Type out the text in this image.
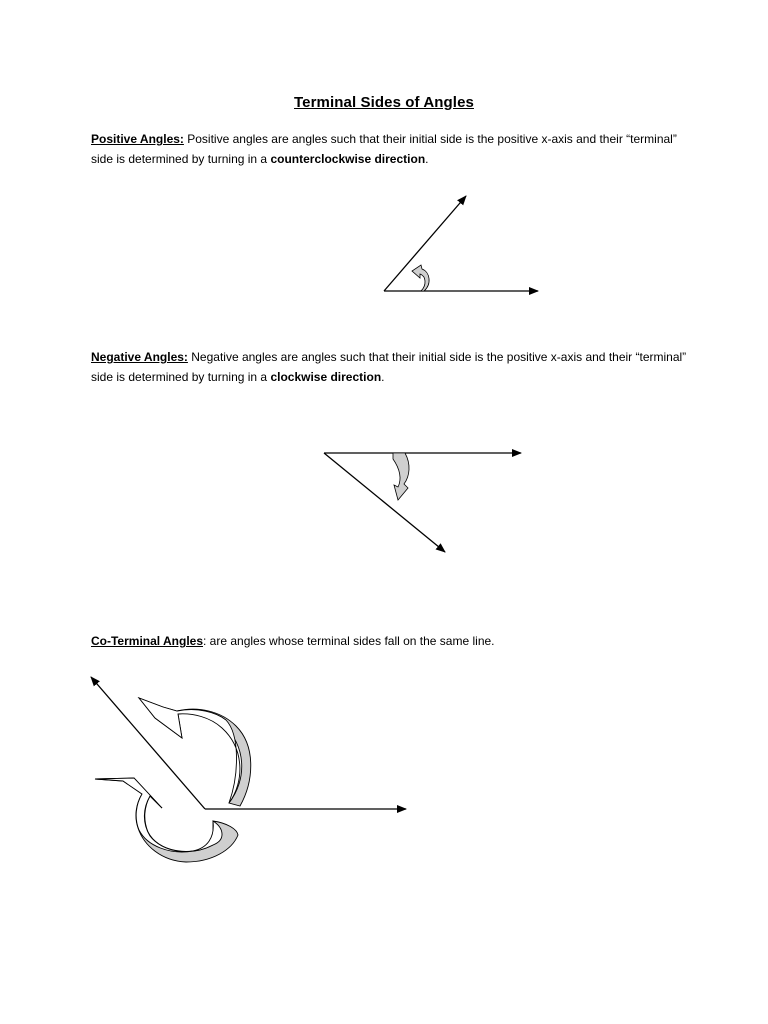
Terminal Sides of Angles

Positive Angles: Positive angles are angles such that their initial side is the positive x-axis and their “terminal” side is determined by turning in a counterclockwise direction.

Negative Angles: Negative angles are angles such that their initial side is the positive x-axis and their “terminal” side is determined by turning in a clockwise direction.

Co-Terminal Angles: are angles whose terminal sides fall on the same line.
